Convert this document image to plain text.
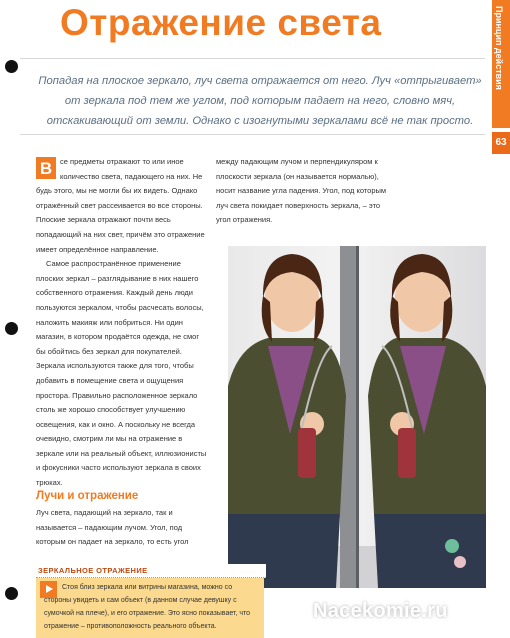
Отражение света	Принцип действия
63
Попадая на плоское зеркало, луч света отражается от него. Луч «отпрыгивает» от зеркала под тем же углом, под которым падает на него, словно мяч, отскакивающий от земли. Однако с изогнутыми зеркалами всё не так просто.

В	се предметы отражают то или иное количество света, падающего на них. Не будь этого, мы не могли бы их видеть. Однако отражённый свет рассеивается во все стороны. Плоские зеркала отражают почти весь попадающий на них свет, причём это отражение имеет определённое направление.

Самое распространённое применение плоских зеркал – разглядывание в них нашего собственного отражения. Каждый день люди пользуются зеркалом, чтобы расчесать волосы, наложить макияж или побриться. Ни один магазин, в котором продаётся одежда, не смог бы обойтись без зеркал для покупателей. Зеркала используются также для того, чтобы добавить в помещение света и ощущения простора. Правильно расположенное зеркало столь же хорошо способствует улучшению освещения, как и окно. А поскольку не всегда очевидно, смотрим ли мы на отражение в зеркале или на реальный объект, иллюзионисты и фокусники часто используют зеркала в своих трюках.

Лучи и отражение

Луч света, падающий на зеркало, так и называется – падающим лучом. Угол, под которым он падает на зеркало, то есть угол

между падающим лучом и перпендикуляром к плоскости зеркала (он называется нормалью), носит название угла падения. Угол, под которым луч света покидает поверхность зеркала, – это угол отражения.

ЗЕРКАЛЬНОЕ ОТРАЖЕНИЕ
Стоя близ зеркала или витрины магазина, можно со стороны увидеть и сам объект (в данном случае девушку с сумочкой на плече), и его отражение. Это ясно показывает, что отражение – противоположность реального объекта.
Nacekomie.ru
